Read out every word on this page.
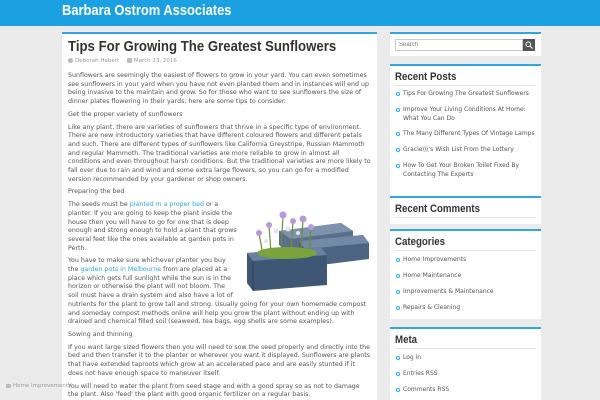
Barbara Ostrom Associates
Tips For Growing The Greatest Sunflowers
Deborah Hebert	March 23, 2016

Sunflowers are seemingly the easiest of flowers to grow in your yard. You can even sometimes see sunflowers in your yard when you have not even planted them and in instances will end up being invasive to the maintain and grow. So for those who want to see sunflowers the size of dinner plates flowering in their yards, here are some tips to consider.

Get the proper variety of sunflowers

Like any plant, there are varieties of sunflowers that thrive in a specific type of environment. There are new introductory varieties that have different coloured flowers and different petals and such. There are different types of sunflowers like California Greystripe, Russian Mammoth and regular Mammoth. The traditional varieties are more reliable to grow in almost all conditions and even throughout harsh conditions. But the traditional varieties are more likely to fall over due to rain and wind and some extra large flowers, so you can go for a modified version recommended by your gardener or shop owners.

Preparing the bed

The seeds must be planted in a proper bed or a planter. If you are going to keep the plant inside the house then you will have to go for one that is deep enough and strong enough to hold a plant that grows several feet like the ones available at garden pots in Perth.

You have to make sure whichever planter you buy the garden pots in Melbourne from are placed at a place which gets full sunlight while the sun is in the horizon or otherwise the plant will not bloom. The soil must have a drain system and also have a lot of nutrients for the plant to grow tall and strong. Usually going for your own homemade compost and someday compost methods online will help you grow the plant without ending up with drained and chemical filled soil (seaweed, tea bags, egg shells are some examples).

Sowing and thinning

If you want large sized flowers then you will need to sow the seed properly and directly into the bed and then transfer it to the planter or wherever you want it displayed. Sunflowers are plants that have extended taproots which grow at an accelerated pace and are easily stunted if it does not have enough space to maneuver itself.

You will need to water the plant from seed stage and with a good spray so as not to damage the plant. Also 'feed' the plant with good organic fertilizer on a regular basis.

Home Improvements
Search
Recent Posts
Tips For Growing The Greatest Sunflowers
Improve Your Living Conditions At Home: What You Can Do
The Many Different Types Of Vintage Lamps
Gracie\\\'s Wish List From the Lottery
How To Get Your Broken Toilet Fixed By Contacting The Experts
Recent Comments
Categories
Home Improvements
Home Maintenance
Improvements & Maintenance
Repairs & Cleaning
Meta
Log in
Entries RSS
Comments RSS
